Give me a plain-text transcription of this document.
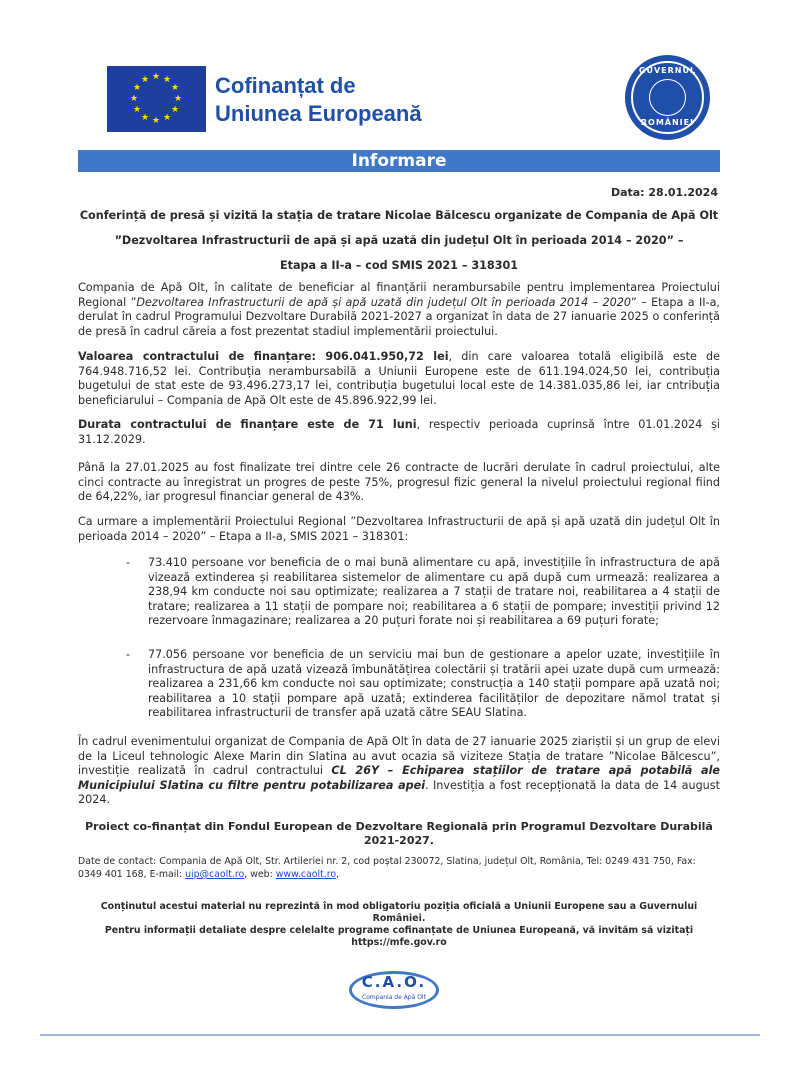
★ ★
★
★
★
★
★
★
★
★
★
★	Cofinanțat de
Uniunea Europeană
GUVERNUL
ROMÂNIEI
Informare
Data: 28.01.2024
Conferință de presă și vizită la stația de tratare Nicolae Bălcescu organizate de Compania de Apă Olt
”Dezvoltarea Infrastructurii de apă și apă uzată din județul Olt în perioada 2014 – 2020” –
Etapa a II-a – cod SMIS 2021 – 318301
Compania de Apă Olt, în calitate de beneficiar al finanțării nerambursabile pentru implementarea Proiectului Regional ”Dezvoltarea Infrastructurii de apă și apă uzată din județul Olt în perioada 2014 – 2020” – Etapa a II-a, derulat în cadrul Programului Dezvoltare Durabilă 2021-2027 a organizat în data de 27 ianuarie 2025 o conferință de presă în cadrul căreia a fost prezentat stadiul implementării proiectului.
Valoarea contractului de finanțare: 906.041.950,72 lei, din care valoarea totală eligibilă este de 764.948.716,52 lei. Contribuția nerambursabilă a Uniunii Europene este de 611.194.024,50 lei, contribuția bugetului de stat este de 93.496.273,17 lei, contribuția bugetului local este de 14.381.035,86 lei, iar cntribuția beneficiarului – Compania de Apă Olt este de 45.896.922,99 lei.
Durata contractului de finanțare este de 71 luni, respectiv perioada cuprinsă între 01.01.2024 și 31.12.2029.
Până la 27.01.2025 au fost finalizate trei dintre cele 26 contracte de lucrări derulate în cadrul proiectului, alte cinci contracte au înregistrat un progres de peste 75%, progresul fizic general la nivelul proiectului regional fiind de 64,22%, iar progresul financiar general de 43%.
Ca urmare a implementării Proiectului Regional ”Dezvoltarea Infrastructurii de apă și apă uzată din județul Olt în perioada 2014 – 2020” – Etapa a II-a, SMIS 2021 – 318301:
- 73.410 persoane vor beneficia de o mai bună alimentare cu apă, investițiile în infrastructura de apă vizează extinderea și reabilitarea sistemelor de alimentare cu apă după cum urmează: realizarea a 238,94 km conducte noi sau optimizate; realizarea a 7 stații de tratare noi, reabilitarea a 4 stații de tratare; realizarea a 11 stații de pompare noi; reabilitarea a 6 stații de pompare; investiții privind 12 rezervoare înmagazinare; realizarea a 20 puțuri forate noi și reabilitarea a 69 puțuri forate;
- 77.056 persoane vor beneficia de un serviciu mai bun de gestionare a apelor uzate, investițiile în infrastructura de apă uzată vizează îmbunătățirea colectării și tratării apei uzate după cum urmează: realizarea a 231,66 km conducte noi sau optimizate; construcția a 140 stații pompare apă uzată noi; reabilitarea a 10 stații pompare apă uzată; extinderea facilităților de depozitare nămol tratat și reabilitarea infrastructurii de transfer apă uzată către SEAU Slatina.
În cadrul evenimentului organizat de Compania de Apă Olt în data de 27 ianuarie 2025 ziariștii și un grup de elevi de la Liceul tehnologic Alexe Marin din Slatina au avut ocazia să viziteze Stația de tratare ”Nicolae Bălcescu”, investiție realizată în cadrul contractului CL 26Y – Echiparea stațiilor de tratare apă potabilă ale Municipiului Slatina cu filtre pentru potabilizarea apei. Investiția a fost recepționată la data de 14 august 2024.
Proiect co-finanțat din Fondul European de Dezvoltare Regională prin Programul Dezvoltare Durabilă 2021-2027.
Date de contact: Compania de Apă Olt, Str. Artileriei nr. 2, cod poștal 230072, Slatina, județul Olt, România, Tel: 0249 431 750, Fax: 0349 401 168, E-mail: uip@caolt.ro, web: www.caolt.ro,
Conținutul acestui material nu reprezintă în mod obligatoriu poziția oficială a Uniunii Europene sau a Guvernului României.
Pentru informații detaliate despre celelalte programe cofinanțate de Uniunea Europeană, vă invităm să vizitați https://mfe.gov.ro
C.A.O.
Compania de Apă Olt
